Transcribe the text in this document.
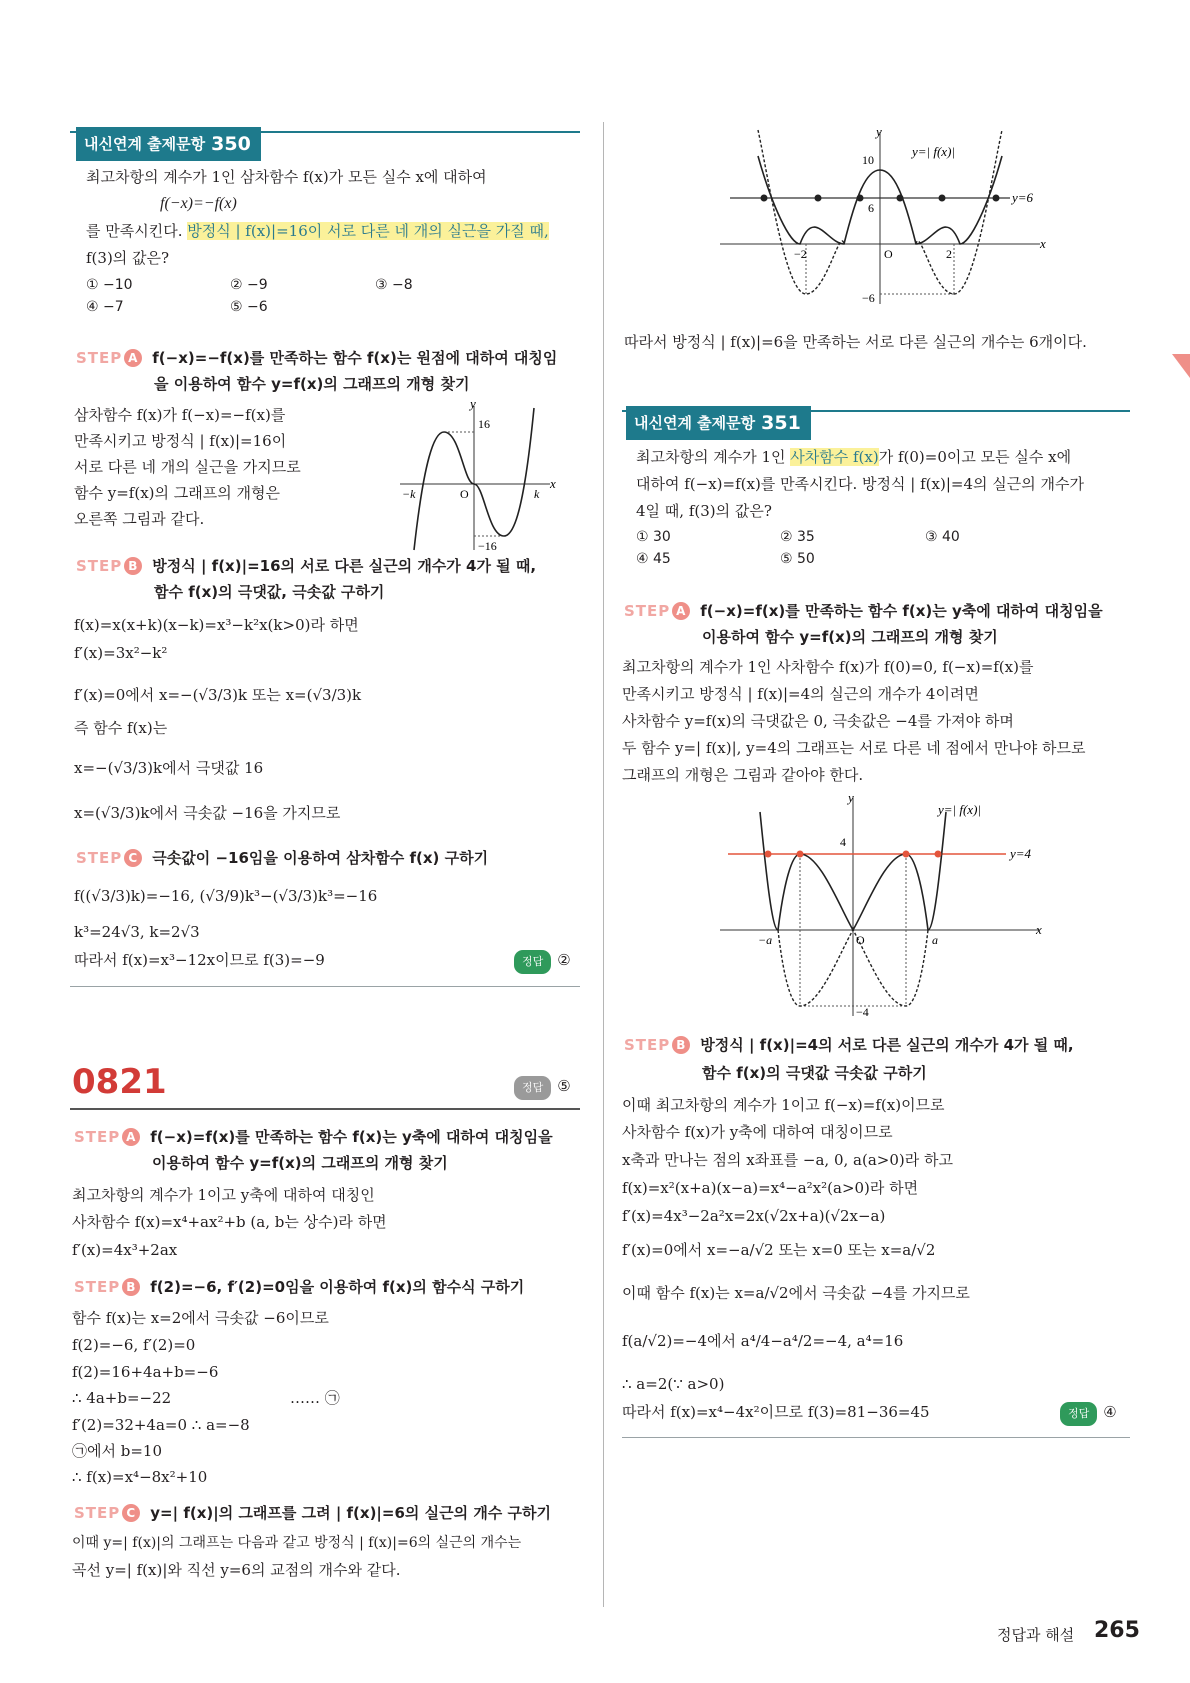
내신연계 출제문항 350
최고차항의 계수가 1인 삼차함수 f(x)가 모든 실수 x에 대하여
f(−x)=−f(x)
를 만족시킨다. 방정식 | f(x)|=16이 서로 다른 네 개의 실근을 가질 때,
f(3)의 값은?
① −10	② −9	③ −8
④ −7	⑤ −6
STEP A f(−x)=−f(x)를 만족하는 함수 f(x)는 원점에 대하여 대칭임
을 이용하여 함수 y=f(x)의 그래프의 개형 찾기
삼차함수 f(x)가 f(−x)=−f(x)를
만족시키고 방정식 | f(x)|=16이
서로 다른 네 개의 실근을 가지므로
함수 y=f(x)의 그래프의 개형은
오른쪽 그림과 같다.
y
x
16
−16
O
−k	k
STEP B 방정식 | f(x)|=16의 서로 다른 실근의 개수가 4가 될 때,
함수 f(x)의 극댓값, 극솟값 구하기
f(x)=x(x+k)(x−k)=x³−k²x(k>0)라 하면
f′(x)=3x²−k²
f′(x)=0에서 x=−(√3/3)k 또는 x=(√3/3)k
즉 함수 f(x)는
x=−(√3/3)k에서 극댓값 16
x=(√3/3)k에서 극솟값 −16을 가지므로
STEP C 극솟값이 −16임을 이용하여 삼차함수 f(x) 구하기
f((√3/3)k)=−16, (√3/9)k³−(√3/3)k³=−16
k³=24√3, k=2√3
따라서 f(x)=x³−12x이므로 f(3)=−9	정답 ②
0821	정답 ⑤
STEP A f(−x)=f(x)를 만족하는 함수 f(x)는 y축에 대하여 대칭임을
이용하여 함수 y=f(x)의 그래프의 개형 찾기
최고차항의 계수가 1이고 y축에 대하여 대칭인
사차함수 f(x)=x⁴+ax²+b (a, b는 상수)라 하면
f′(x)=4x³+2ax
STEP B f(2)=−6, f′(2)=0임을 이용하여 f(x)의 함수식 구하기
함수 f(x)는 x=2에서 극솟값 −6이므로
f(2)=−6, f′(2)=0
f(2)=16+4a+b=−6
∴ 4a+b=−22	…… ㉠
f′(2)=32+4a=0 ∴ a=−8
㉠에서 b=10
∴ f(x)=x⁴−8x²+10
STEP C y=| f(x)|의 그래프를 그려 | f(x)|=6의 실근의 개수 구하기
이때 y=| f(x)|의 그래프는 다음과 같고 방정식 | f(x)|=6의 실근의 개수는
곡선 y=| f(x)|와 직선 y=6의 교점의 개수와 같다.
y
x
y=| f(x)|
y=6
10
6
−6
−2	2
O
따라서 방정식 | f(x)|=6을 만족하는 서로 다른 실근의 개수는 6개이다.
내신연계 출제문항 351
최고차항의 계수가 1인 사차함수 f(x)가 f(0)=0이고 모든 실수 x에
대하여 f(−x)=f(x)를 만족시킨다. 방정식 | f(x)|=4의 실근의 개수가
4일 때, f(3)의 값은?
① 30	② 35	③ 40
④ 45	⑤ 50
STEP A f(−x)=f(x)를 만족하는 함수 f(x)는 y축에 대하여 대칭임을
이용하여 함수 y=f(x)의 그래프의 개형 찾기
최고차항의 계수가 1인 사차함수 f(x)가 f(0)=0, f(−x)=f(x)를
만족시키고 방정식 | f(x)|=4의 실근의 개수가 4이려면
사차함수 y=f(x)의 극댓값은 0, 극솟값은 −4를 가져야 하며
두 함수 y=| f(x)|, y=4의 그래프는 서로 다른 네 점에서 만나야 하므로
그래프의 개형은 그림과 같아야 한다.
y
x
y=| f(x)|
y=4
4
−4
O
−a	a
STEP B 방정식 | f(x)|=4의 서로 다른 실근의 개수가 4가 될 때,
함수 f(x)의 극댓값 극솟값 구하기
이때 최고차항의 계수가 1이고 f(−x)=f(x)이므로
사차함수 f(x)가 y축에 대하여 대칭이므로
x축과 만나는 점의 x좌표를 −a, 0, a(a>0)라 하고
f(x)=x²(x+a)(x−a)=x⁴−a²x²(a>0)라 하면
f′(x)=4x³−2a²x=2x(√2x+a)(√2x−a)
f′(x)=0에서 x=−a/√2 또는 x=0 또는 x=a/√2
이때 함수 f(x)는 x=a/√2에서 극솟값 −4를 가지므로
f(a/√2)=−4에서 a⁴/4−a⁴/2=−4, a⁴=16
∴ a=2(∵ a>0)
따라서 f(x)=x⁴−4x²이므로 f(3)=81−36=45	정답 ④
정답과 해설 265
